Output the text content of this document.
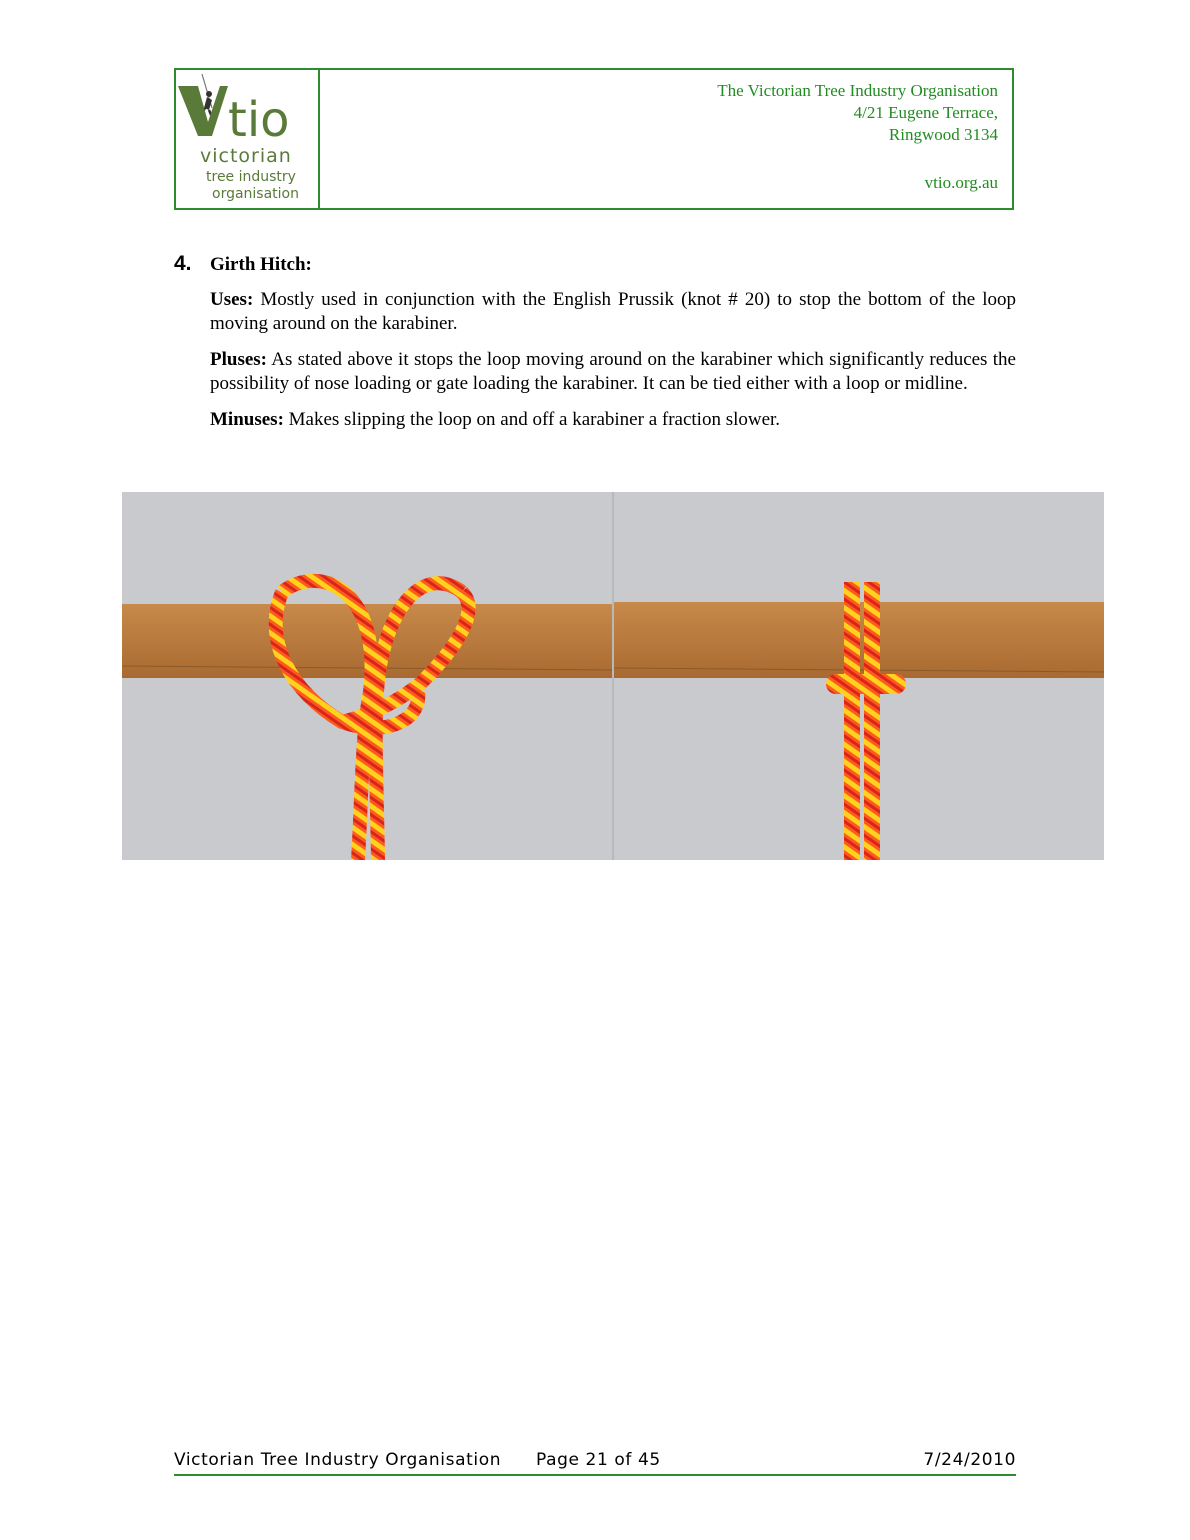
tio
victorian
tree industry
organisation
The Victorian Tree Industry Organisation
4/21 Eugene Terrace,
Ringwood 3134
vtio.org.au
4. Girth Hitch:

Uses: Mostly used in conjunction with the English Prussik (knot # 20) to stop the bottom of the loop moving around on the karabiner.

Pluses: As stated above it stops the loop moving around on the karabiner which significantly reduces the possibility of nose loading or gate loading the karabiner. It can be tied either with a loop or midline.

Minuses: Makes slipping the loop on and off a karabiner a fraction slower.

Victorian Tree Industry Organisation Page 21 of 45	7/24/2010
